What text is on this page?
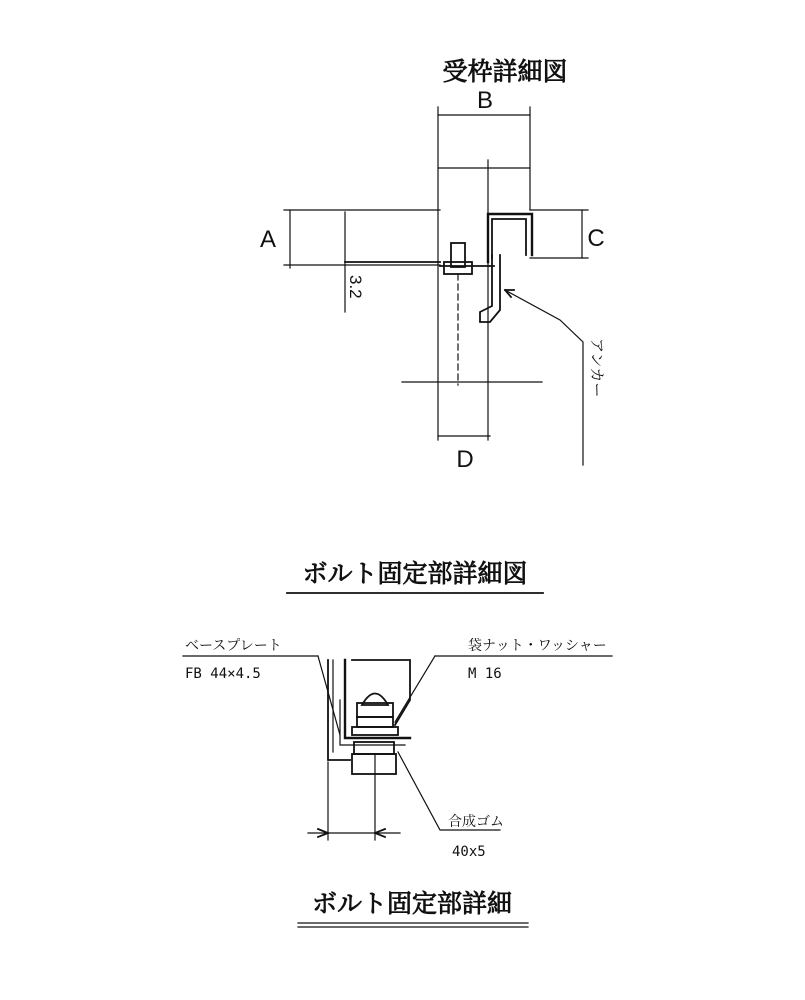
受枠詳細図
B
A
3.2
C
アンカー
D
ボルト固定部詳細図
ベースプレート
FB 44×4.5
袋ナット・ワッシャー
M 16
合成ゴム
40x5
ボルト固定部詳細
